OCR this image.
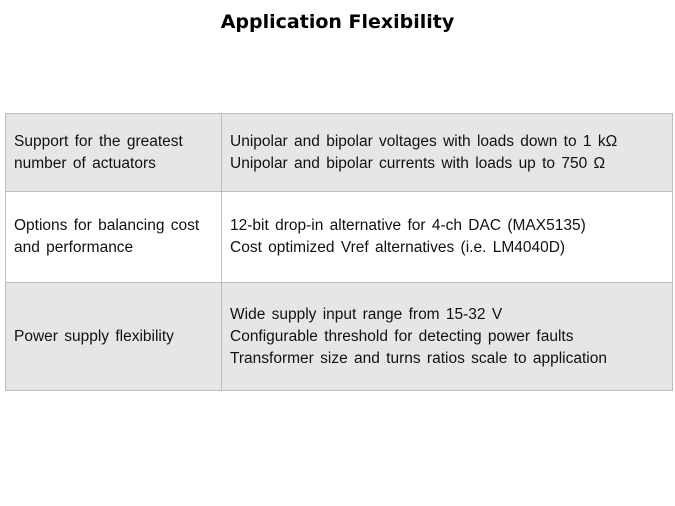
Application Flexibility
Support for the greatest
number of actuators	Unipolar and bipolar voltages with loads down to 1 kΩ
Unipolar and bipolar currents with loads up to 750 Ω

Options for balancing cost
and performance	12-bit drop-in alternative for 4-ch DAC (MAX5135)
Cost optimized Vref alternatives (i.e. LM4040D)

Power supply flexibility	Wide supply input range from 15-32 V
Configurable threshold for detecting power faults
Transformer size and turns ratios scale to application
